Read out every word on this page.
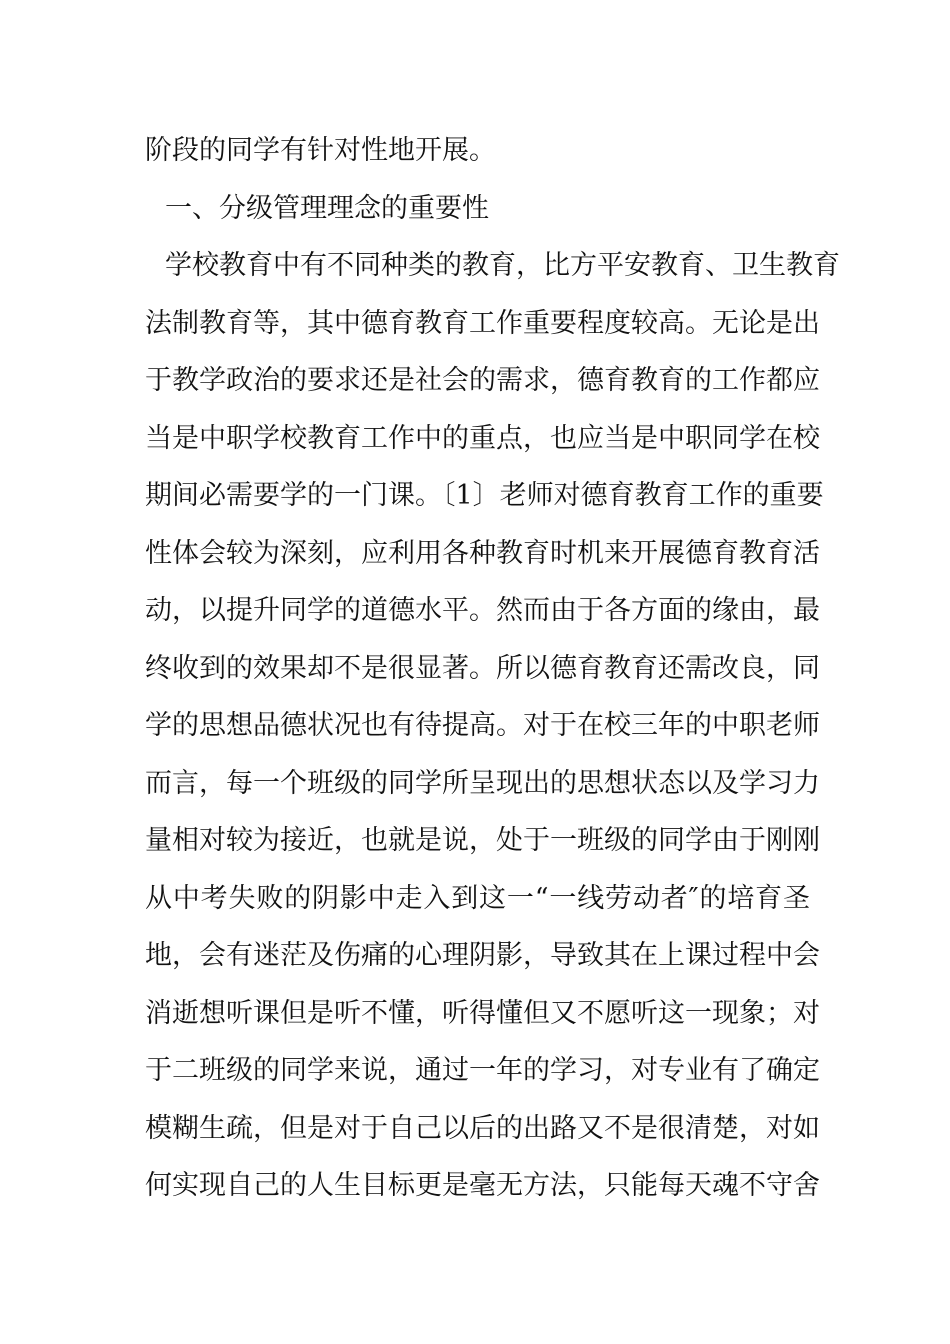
阶段的同学有针对性地开展。
一、分级管理理念的重要性
学校教育中有不同种类的教育，比方平安教育、卫生教育
法制教育等，其中德育教育工作重要程度较高。无论是出
于教学政治的要求还是社会的需求，德育教育的工作都应
当是中职学校教育工作中的重点，也应当是中职同学在校
期间必需要学的一门课。〔1〕老师对德育教育工作的重要
性体会较为深刻，应利用各种教育时机来开展德育教育活
动，以提升同学的道德水平。然而由于各方面的缘由，最
终收到的效果却不是很显著。所以德育教育还需改良，同
学的思想品德状况也有待提高。对于在校三年的中职老师
而言，每一个班级的同学所呈现出的思想状态以及学习力
量相对较为接近，也就是说，处于一班级的同学由于刚刚
从中考失败的阴影中走入到这一“一线劳动者″的培育圣
地，会有迷茫及伤痛的心理阴影，导致其在上课过程中会
消逝想听课但是听不懂，听得懂但又不愿听这一现象；对
于二班级的同学来说，通过一年的学习，对专业有了确定
模糊生疏，但是对于自己以后的出路又不是很清楚，对如
何实现自己的人生目标更是毫无方法，只能每天魂不守舍
